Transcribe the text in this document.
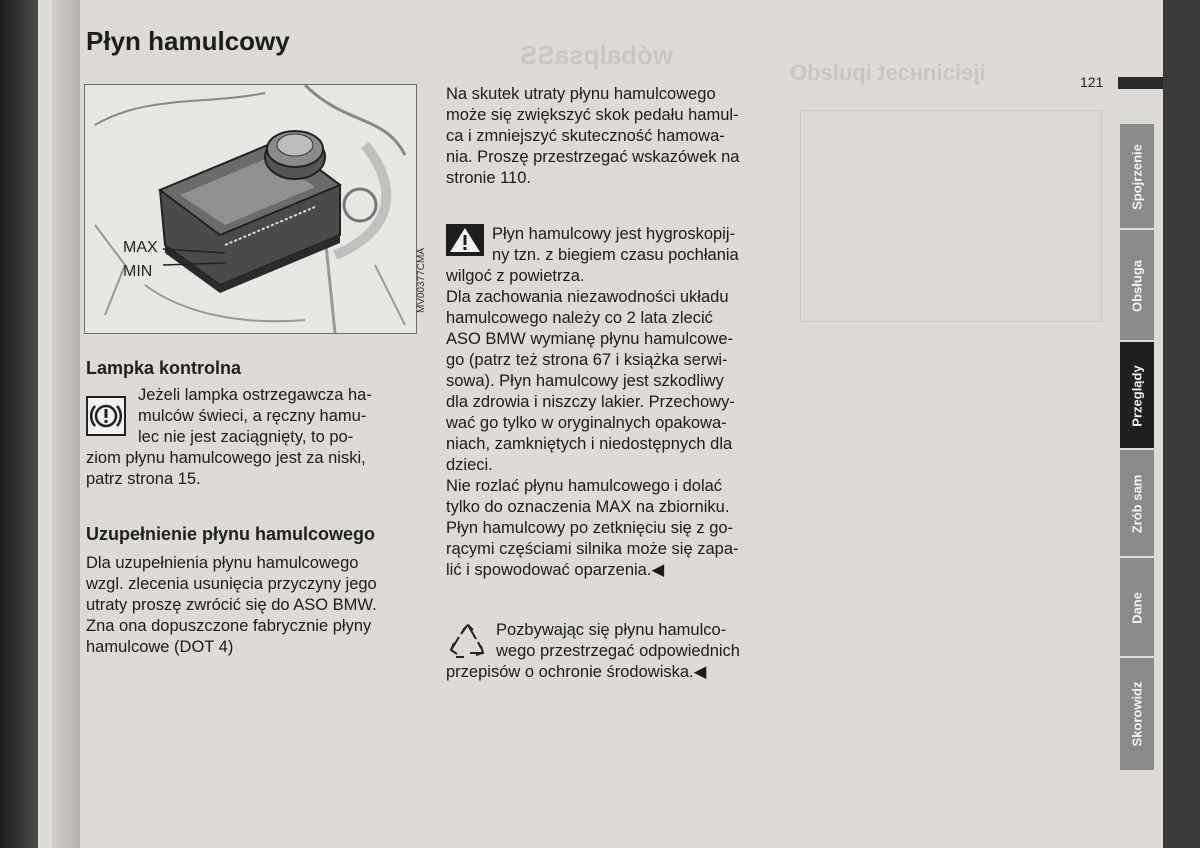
wóbalpsaSS
ijeiɔinʜɔɘt ipulƨdO
Płyn hamulcowy
MAX
MIN	MV00377CMA
Lampka kontrolna

Jeżeli lampka ostrzegawcza ha-

mulców świeci, a ręczny hamu-

lec nie jest zaciągnięty, to po-

ziom płynu hamulcowego jest za niski,

patrz strona 15.

Uzupełnienie płynu hamulcowego

Dla uzupełnienia płynu hamulcowego

wzgl. zlecenia usunięcia przyczyny jego

utraty proszę zwrócić się do ASO BMW.

Zna ona dopuszczone fabrycznie płyny

hamulcowe (DOT 4)

Na skutek utraty płynu hamulcowego

może się zwiększyć skok pedału hamul-

ca i zmniejszyć skuteczność hamowa-

nia. Proszę przestrzegać wskazówek na

stronie 110.

Płyn hamulcowy jest hygroskopij-

ny tzn. z biegiem czasu pochłania

wilgoć z powietrza.

Dla zachowania niezawodności układu

hamulcowego należy co 2 lata zlecić

ASO BMW wymianę płynu hamulcowe-

go (patrz też strona 67 i książka serwi-

sowa). Płyn hamulcowy jest szkodliwy

dla zdrowia i niszczy lakier. Przechowy-

wać go tylko w oryginalnych opakowa-

niach, zamkniętych i niedostępnych dla

dzieci.

Nie rozlać płynu hamulcowego i dolać

tylko do oznaczenia MAX na zbiorniku.

Płyn hamulcowy po zetknięciu się z go-

rącymi częściami silnika może się zapa-

lić i spowodować oparzenia.◀

Pozbywając się płynu hamulco-

wego przestrzegać odpowiednich

przepisów o ochronie środowiska.◀

121
Spojrzenie
Obsługa
Przeglądy
Zrób sam
Dane
Skorowidz
